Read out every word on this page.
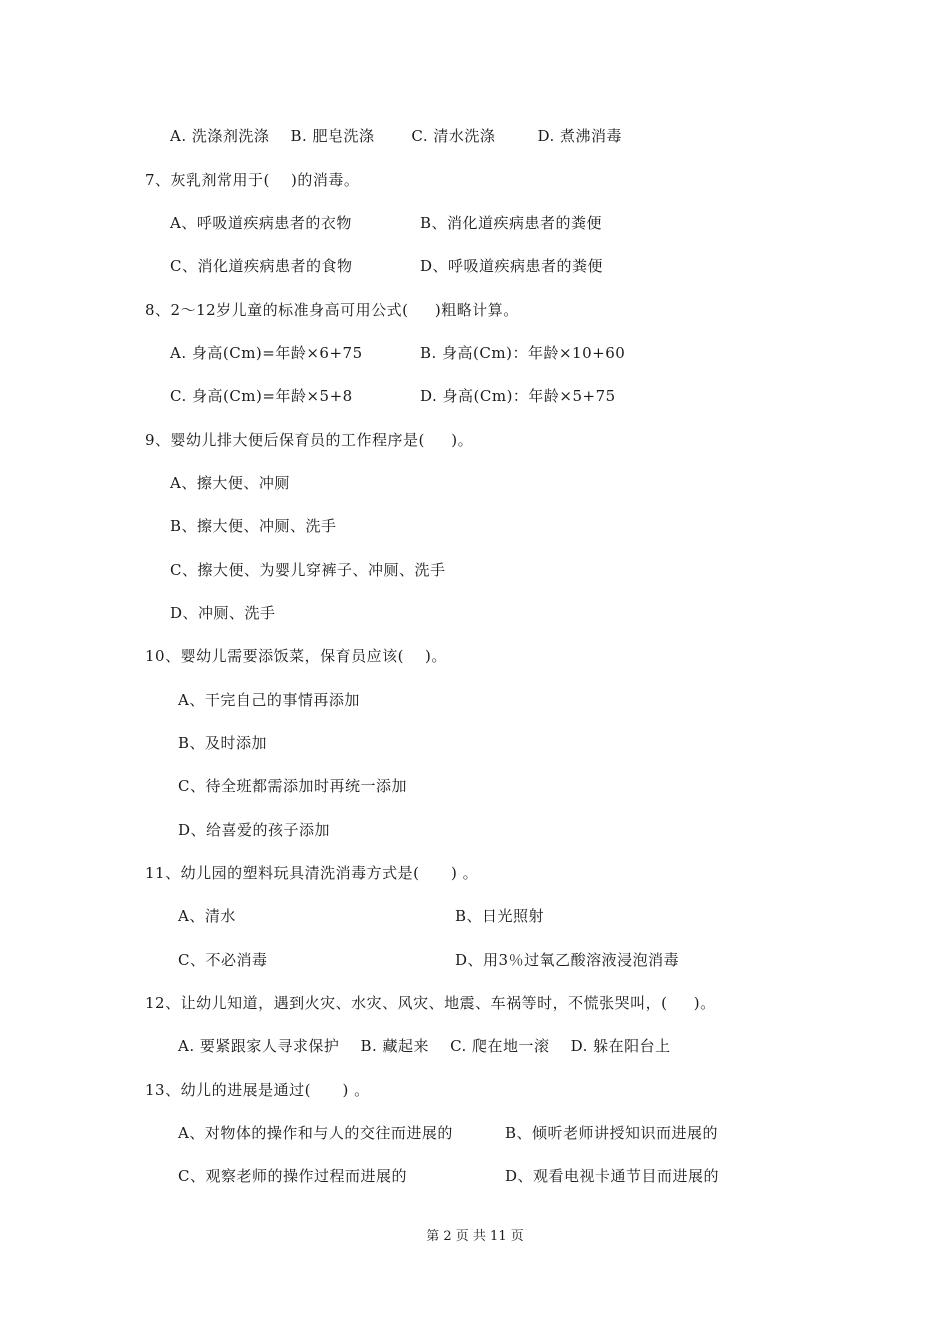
A. 洗涤剂洗涤    B. 肥皂洗涤       C. 清水洗涤        D. 煮沸消毒
7、灰乳剂常用于(    )的消毒。
A、呼吸道疾病患者的衣物	B、消化道疾病患者的粪便
C、消化道疾病患者的食物	D、呼吸道疾病患者的粪便
8、2～12岁儿童的标准身高可用公式(     )粗略计算。
A. 身高(Cm)=年龄×6+75	B. 身高(Cm)：年龄×10+60
C. 身高(Cm)=年龄×5+8	D. 身高(Cm)：年龄×5+75
9、婴幼儿排大便后保育员的工作程序是(     )。
A、擦大便、冲厕
B、擦大便、冲厕、洗手
C、擦大便、为婴儿穿裤子、冲厕、洗手
D、冲厕、洗手
10、婴幼儿需要添饭菜，保育员应该(    )。
A、干完自己的事情再添加
B、及时添加
C、待全班都需添加时再统一添加
D、给喜爱的孩子添加
11、幼儿园的塑料玩具清洗消毒方式是(      ) 。
A、清水	B、日光照射
C、不必消毒	D、用3％过氧乙酸溶液浸泡消毒
12、让幼儿知道，遇到火灾、水灾、风灾、地震、车祸等时，不慌张哭叫，(     )。
A. 要紧跟家人寻求保护    B. 藏起来    C. 爬在地一滚    D. 躲在阳台上
13、幼儿的进展是通过(      ) 。
A、对物体的操作和与人的交往而进展的	B、倾听老师讲授知识而进展的
C、观察老师的操作过程而进展的	D、观看电视卡通节目而进展的
第 2 页 共 11 页
